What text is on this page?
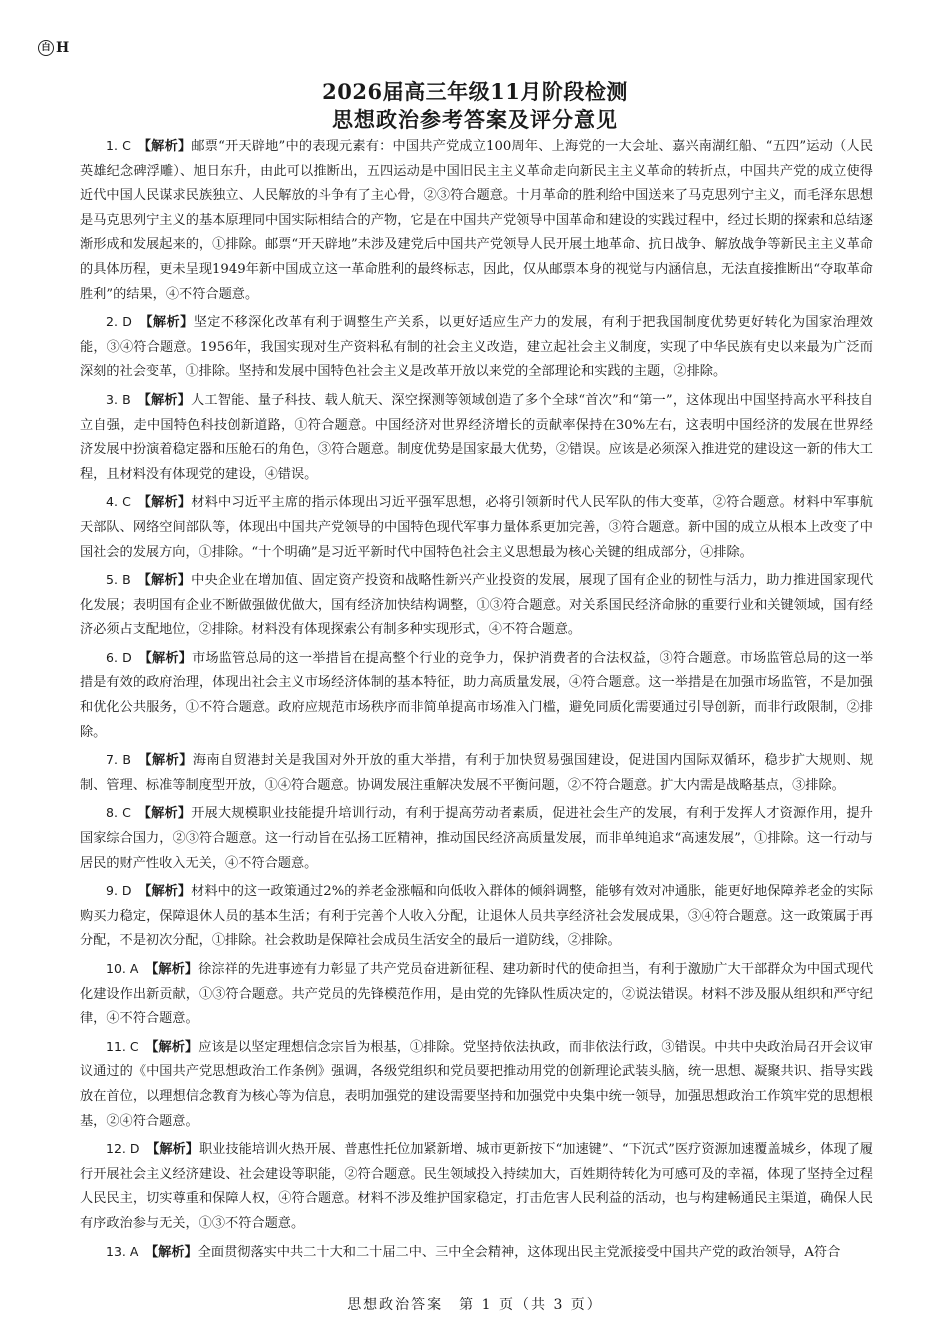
白 H
2026届高三年级11月阶段检测
思想政治参考答案及评分意见

1. C　 【解析】邮票“开天辟地”中的表现元素有：中国共产党成立100周年、上海党的一大会址、嘉兴南湖红船、“五四”运动（人民英雄纪念碑浮雕）、旭日东升，由此可以推断出，五四运动是中国旧民主主义革命走向新民主主义革命的转折点，中国共产党的成立使得近代中国人民谋求民族独立、人民解放的斗争有了主心骨，②③符合题意。十月革命的胜利给中国送来了马克思列宁主义，而毛泽东思想是马克思列宁主义的基本原理同中国实际相结合的产物，它是在中国共产党领导中国革命和建设的实践过程中，经过长期的探索和总结逐渐形成和发展起来的，①排除。邮票“开天辟地”未涉及建党后中国共产党领导人民开展土地革命、抗日战争、解放战争等新民主主义革命的具体历程，更未呈现1949年新中国成立这一革命胜利的最终标志，因此，仅从邮票本身的视觉与内涵信息，无法直接推断出“夺取革命胜利”的结果，④不符合题意。

2. D　 【解析】坚定不移深化改革有利于调整生产关系，以更好适应生产力的发展，有利于把我国制度优势更好转化为国家治理效能，③④符合题意。1956年，我国实现对生产资料私有制的社会主义改造，建立起社会主义制度，实现了中华民族有史以来最为广泛而深刻的社会变革，①排除。坚持和发展中国特色社会主义是改革开放以来党的全部理论和实践的主题，②排除。

3. B　 【解析】人工智能、量子科技、载人航天、深空探测等领域创造了多个全球“首次”和“第一”，这体现出中国坚持高水平科技自立自强，走中国特色科技创新道路，①符合题意。中国经济对世界经济增长的贡献率保持在30%左右，这表明中国经济的发展在世界经济发展中扮演着稳定器和压舱石的角色，③符合题意。制度优势是国家最大优势，②错误。应该是必须深入推进党的建设这一新的伟大工程，且材料没有体现党的建设，④错误。

4. C　 【解析】材料中习近平主席的指示体现出习近平强军思想，必将引领新时代人民军队的伟大变革，②符合题意。材料中军事航天部队、网络空间部队等，体现出中国共产党领导的中国特色现代军事力量体系更加完善，③符合题意。新中国的成立从根本上改变了中国社会的发展方向，①排除。“十个明确”是习近平新时代中国特色社会主义思想最为核心关键的组成部分，④排除。

5. B　 【解析】中央企业在增加值、固定资产投资和战略性新兴产业投资的发展，展现了国有企业的韧性与活力，助力推进国家现代化发展；表明国有企业不断做强做优做大，国有经济加快结构调整，①③符合题意。对关系国民经济命脉的重要行业和关键领域，国有经济必须占支配地位，②排除。材料没有体现探索公有制多种实现形式，④不符合题意。

6. D　 【解析】市场监管总局的这一举措旨在提高整个行业的竞争力，保护消费者的合法权益，③符合题意。市场监管总局的这一举措是有效的政府治理，体现出社会主义市场经济体制的基本特征，助力高质量发展，④符合题意。这一举措是在加强市场监管，不是加强和优化公共服务，①不符合题意。政府应规范市场秩序而非简单提高市场准入门槛，避免同质化需要通过引导创新，而非行政限制，②排除。

7. B　 【解析】海南自贸港封关是我国对外开放的重大举措，有利于加快贸易强国建设，促进国内国际双循环，稳步扩大规则、规制、管理、标准等制度型开放，①④符合题意。协调发展注重解决发展不平衡问题，②不符合题意。扩大内需是战略基点，③排除。

8. C　 【解析】开展大规模职业技能提升培训行动，有利于提高劳动者素质，促进社会生产的发展，有利于发挥人才资源作用，提升国家综合国力，②③符合题意。这一行动旨在弘扬工匠精神，推动国民经济高质量发展，而非单纯追求“高速发展”，①排除。这一行动与居民的财产性收入无关，④不符合题意。

9. D　 【解析】材料中的这一政策通过2%的养老金涨幅和向低收入群体的倾斜调整，能够有效对冲通胀，能更好地保障养老金的实际购买力稳定，保障退休人员的基本生活；有利于完善个人收入分配，让退休人员共享经济社会发展成果，③④符合题意。这一政策属于再分配，不是初次分配，①排除。社会救助是保障社会成员生活安全的最后一道防线，②排除。

10. A　 【解析】徐淙祥的先进事迹有力彰显了共产党员奋进新征程、建功新时代的使命担当，有利于激励广大干部群众为中国式现代化建设作出新贡献，①③符合题意。共产党员的先锋模范作用，是由党的先锋队性质决定的，②说法错误。材料不涉及服从组织和严守纪律，④不符合题意。

11. C　 【解析】应该是以坚定理想信念宗旨为根基，①排除。党坚持依法执政，而非依法行政，③错误。中共中央政治局召开会议审议通过的《中国共产党思想政治工作条例》强调，各级党组织和党员要把推动用党的创新理论武装头脑，统一思想、凝聚共识、指导实践放在首位，以理想信念教育为核心等为信息，表明加强党的建设需要坚持和加强党中央集中统一领导，加强思想政治工作筑牢党的思想根基，②④符合题意。

12. D　 【解析】职业技能培训火热开展、普惠性托位加紧新增、城市更新按下“加速键”、“下沉式”医疗资源加速覆盖城乡，体现了履行开展社会主义经济建设、社会建设等职能，②符合题意。民生领域投入持续加大，百姓期待转化为可感可及的幸福，体现了坚持全过程人民民主，切实尊重和保障人权，④符合题意。材料不涉及维护国家稳定，打击危害人民利益的活动，也与构建畅通民主渠道，确保人民有序政治参与无关，①③不符合题意。

13. A　 【解析】全面贯彻落实中共二十大和二十届二中、三中全会精神，这体现出民主党派接受中国共产党的政治领导，A符合

思想政治答案　第 1 页（共 3 页）
